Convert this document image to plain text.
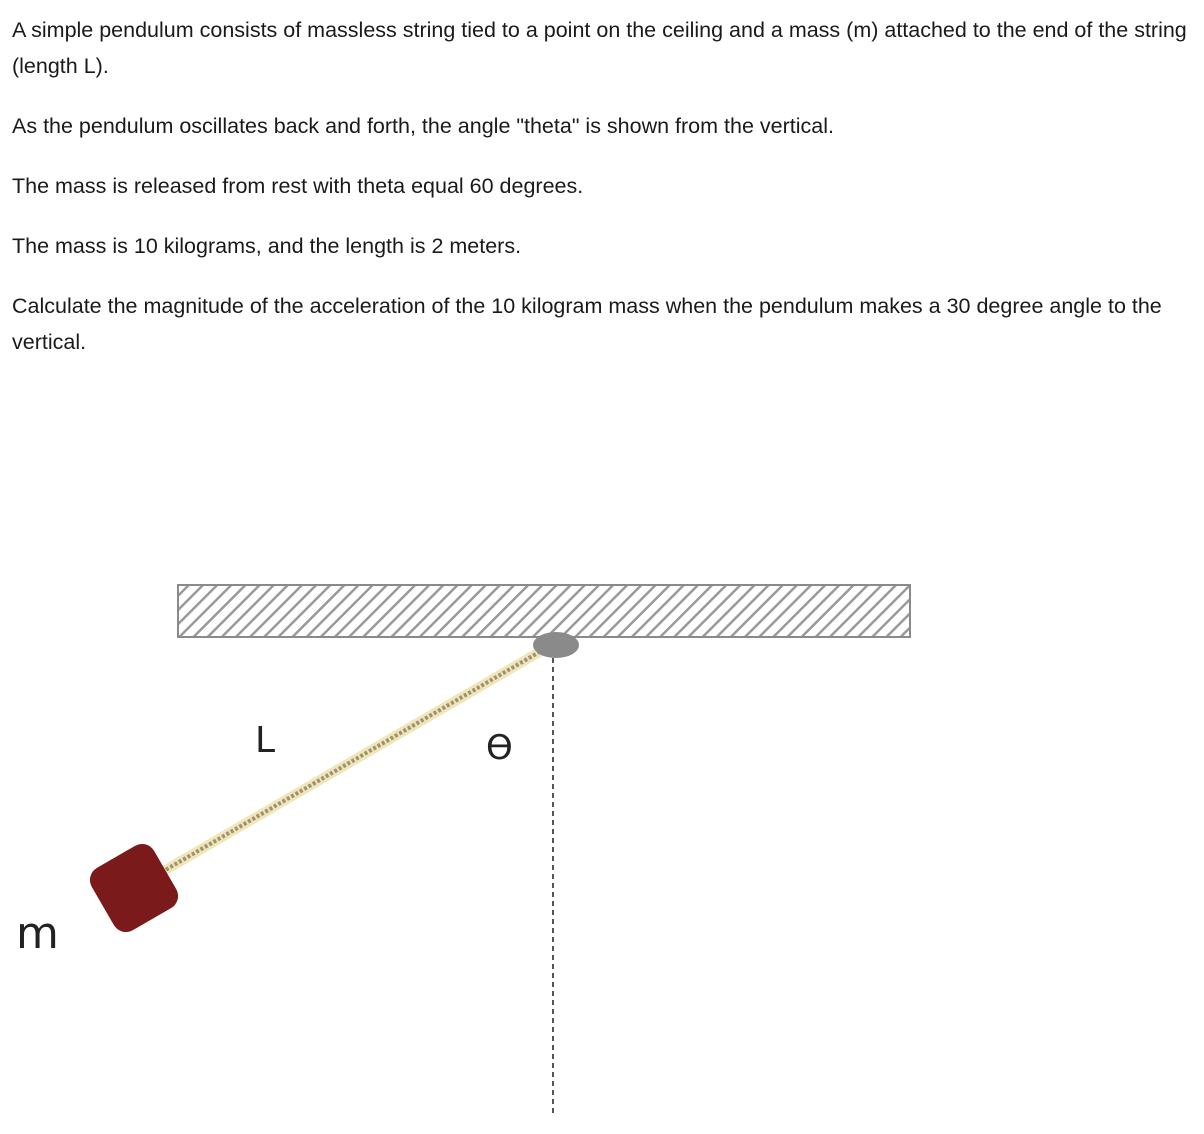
A simple pendulum consists of massless string tied to a point on the ceiling and a mass (m) attached to the end of the string (length L).

As the pendulum oscillates back and forth, the angle "theta" is shown from the vertical.

The mass is released from rest with theta equal 60 degrees.

The mass is 10 kilograms, and the length is 2 meters.

Calculate the magnitude of the acceleration of the 10 kilogram mass when the pendulum makes a 30 degree angle to the vertical.

L	ϴ
m
